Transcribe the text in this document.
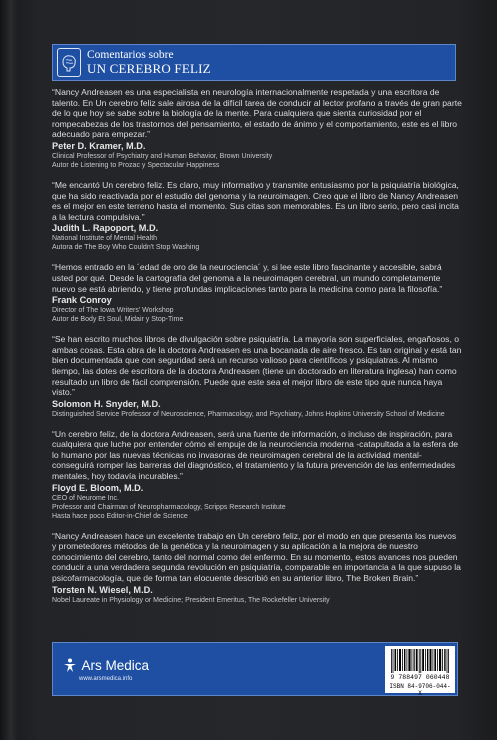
Comentarios sobre
UN CEREBRO FELIZ

“Nancy Andreasen es una especialista en neurología internacionalmente respetada y una escritora de talento. En Un cerebro feliz sale airosa de la difícil tarea de conducir al lector profano a través de gran parte de lo que hoy se sabe sobre la biología de la mente. Para cualquiera que sienta curiosidad por el rompecabezas de los trastornos del pensamiento, el estado de ánimo y el comportamiento, este es el libro adecuado para empezar.”

Peter D. Kramer, M.D.

Clinical Professor of Psychiatry and Human Behavior, Brown University

Autor de Listening to Prozac y Spectacular Happiness

“Me encantó Un cerebro feliz. Es claro, muy informativo y transmite entusiasmo por la psiquiatría biológica, que ha sido reactivada por el estudio del genoma y la neuroimagen. Creo que el libro de Nancy Andreasen es el mejor en este terreno hasta el momento. Sus citas son memorables. Es un libro serio, pero casi incita a la lectura compulsiva.”

Judith L. Rapoport, M.D.

National Institute of Mental Health

Autora de The Boy Who Couldn't Stop Washing

“Hemos entrado en la ´edad de oro de la neurociencia´ y, si lee este libro fascinante y accesible, sabrá usted por qué. Desde la cartografía del genoma a la neuroimagen cerebral, un mundo completamente nuevo se está abriendo, y tiene profundas implicaciones tanto para la medicina como para la filosofía.”

Frank Conroy

Director of The Iowa Writers' Workshop

Autor de Body Et Soul, Midair y Stop-Time

“Se han escrito muchos libros de divulgación sobre psiquiatría. La mayoría son superficiales, engañosos, o ambas cosas. Esta obra de la doctora Andreasen es una bocanada de aire fresco. Es tan original y está tan bien documentada que con seguridad será un recurso valioso para científicos y psiquiatras. Al mismo tiempo, las dotes de escritora de la doctora Andreasen (tiene un doctorado en literatura inglesa) han como resultado un libro de fácil comprensión. Puede que este sea el mejor libro de este tipo que nunca haya visto.”

Solomon H. Snyder, M.D.

Distinguished Service Professor of Neuroscience, Pharmacology, and Psychiatry, Johns Hopkins University School of Medicine

“Un cerebro feliz, de la doctora Andreasen, será una fuente de información, o incluso de inspiración, para cualquiera que luche por entender cómo el empuje de la neurociencia moderna -catapultada a la esfera de lo humano por las nuevas técnicas no invasoras de neuroimagen cerebral de la actividad mental- conseguirá romper las barreras del diagnóstico, el tratamiento y la futura prevención de las enfermedades mentales, hoy todavía incurables.”

Floyd E. Bloom, M.D.

CEO of Neurome Inc.

Professor and Chairman of Neuropharmacology, Scripps Research Institute

Hasta hace poco Editor-in-Chief de Science

“Nancy Andreasen hace un excelente trabajo en Un cerebro feliz, por el modo en que presenta los nuevos y prometedores métodos de la genética y la neuroimagen y su aplicación a la mejora de nuestro conocimiento del cerebro, tanto del normal como del enfermo. En su momento, estos avances nos pueden conducir a una verdadera segunda revolución en psiquiatría, comparable en importancia a la que supuso la psicofarmacología, que de forma tan elocuente describió en su anterior libro, The Broken Brain.”

Torsten N. Wiesel, M.D.

Nobel Laureate in Physiology or Medicine; President Emeritus, The Rockefeller University

Ars Medica
www.arsmedica.info	9 788497 060448
ISBN 84-9706-044-X
